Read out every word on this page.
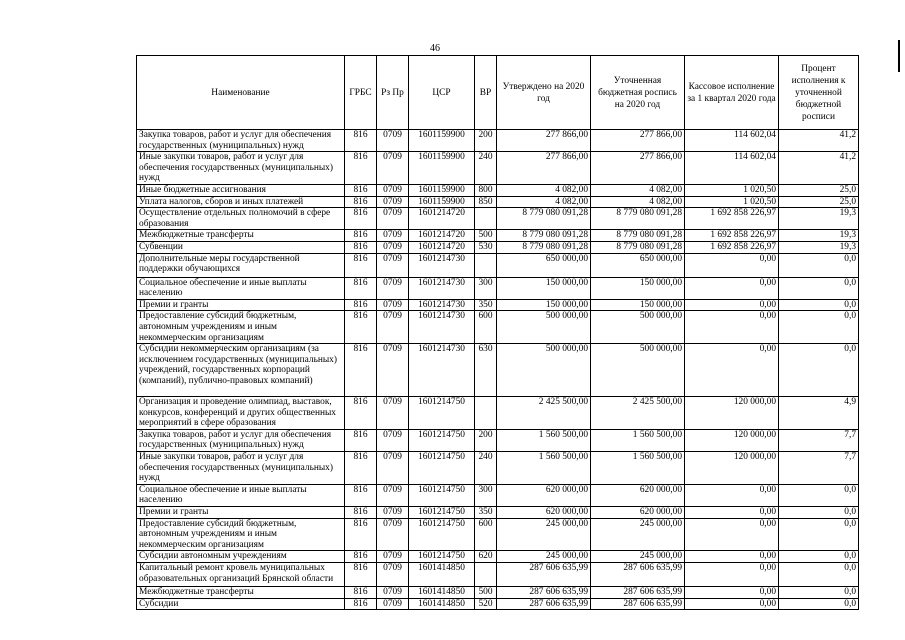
46
Наименование	ГРБС	Рз Пр	ЦСР	ВР	Утверждено на 2020 год	Уточненная бюджетная роспись на 2020 год	Кассовое исполнение за 1 квартал 2020 года	Процент исполнения к уточненной бюджетной росписи
Закупка товаров, работ и услуг для обеспечения государственных (муниципальных) нужд	816	0709	1601159900	200	277 866,00	277 866,00	114 602,04	41,2
Иные закупки товаров, работ и услуг для обеспечения государственных (муниципальных) нужд	816	0709	1601159900	240	277 866,00	277 866,00	114 602,04	41,2
Иные бюджетные ассигнования	816	0709	1601159900	800	4 082,00	4 082,00	1 020,50	25,0
Уплата налогов, сборов и иных платежей	816	0709	1601159900	850	4 082,00	4 082,00	1 020,50	25,0
Осуществление отдельных полномочий в сфере образования	816	0709	1601214720		8 779 080 091,28	8 779 080 091,28	1 692 858 226,97	19,3
Межбюджетные трансферты	816	0709	1601214720	500	8 779 080 091,28	8 779 080 091,28	1 692 858 226,97	19,3
Субвенции	816	0709	1601214720	530	8 779 080 091,28	8 779 080 091,28	1 692 858 226,97	19,3
Дополнительные меры государственной поддержки обучающихся	816	0709	1601214730		650 000,00	650 000,00	0,00	0,0
Социальное обеспечение и иные выплаты населению	816	0709	1601214730	300	150 000,00	150 000,00	0,00	0,0
Премии и гранты	816	0709	1601214730	350	150 000,00	150 000,00	0,00	0,0
Предоставление субсидий бюджетным, автономным учреждениям и иным некоммерческим организациям	816	0709	1601214730	600	500 000,00	500 000,00	0,00	0,0
Субсидии некоммерческим организациям (за исключением государственных (муниципальных) учреждений, государственных корпораций (компаний), публично-правовых компаний)	816	0709	1601214730	630	500 000,00	500 000,00	0,00	0,0
Организация и проведение олимпиад, выставок, конкурсов, конференций и других общественных мероприятий в сфере образования	816	0709	1601214750		2 425 500,00	2 425 500,00	120 000,00	4,9
Закупка товаров, работ и услуг для обеспечения государственных (муниципальных) нужд	816	0709	1601214750	200	1 560 500,00	1 560 500,00	120 000,00	7,7
Иные закупки товаров, работ и услуг для обеспечения государственных (муниципальных) нужд	816	0709	1601214750	240	1 560 500,00	1 560 500,00	120 000,00	7,7
Социальное обеспечение и иные выплаты населению	816	0709	1601214750	300	620 000,00	620 000,00	0,00	0,0
Премии и гранты	816	0709	1601214750	350	620 000,00	620 000,00	0,00	0,0
Предоставление субсидий бюджетным, автономным учреждениям и иным некоммерческим организациям	816	0709	1601214750	600	245 000,00	245 000,00	0,00	0,0
Субсидии автономным учреждениям	816	0709	1601214750	620	245 000,00	245 000,00	0,00	0,0
Капитальный ремонт кровель муниципальных образовательных организаций Брянской области	816	0709	1601414850		287 606 635,99	287 606 635,99	0,00	0,0
Межбюджетные трансферты	816	0709	1601414850	500	287 606 635,99	287 606 635,99	0,00	0,0
Субсидии	816	0709	1601414850	520	287 606 635,99	287 606 635,99	0,00	0,0
